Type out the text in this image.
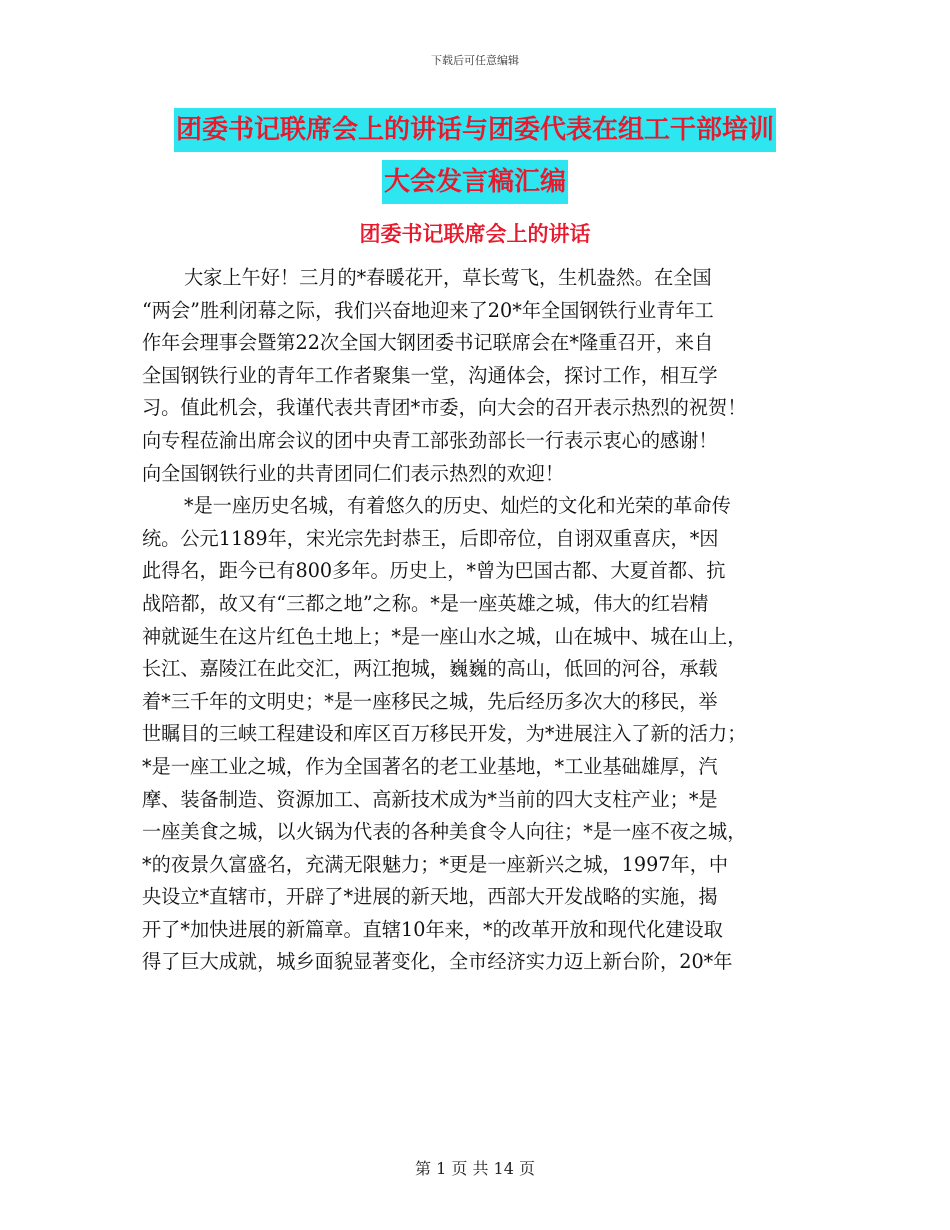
下载后可任意编辑
团委书记联席会上的讲话与团委代表在组工干部培训
大会发言稿汇编
团委书记联席会上的讲话
大家上午好！三月的*春暖花开，草长莺飞，生机盎然。在全国
“两会”胜利闭幕之际，我们兴奋地迎来了20*年全国钢铁行业青年工
作年会理事会暨第22次全国大钢团委书记联席会在*隆重召开，来自
全国钢铁行业的青年工作者聚集一堂，沟通体会，探讨工作，相互学
习。值此机会，我谨代表共青团*市委，向大会的召开表示热烈的祝贺！
向专程莅渝出席会议的团中央青工部张劲部长一行表示衷心的感谢！
向全国钢铁行业的共青团同仁们表示热烈的欢迎！
*是一座历史名城，有着悠久的历史、灿烂的文化和光荣的革命传
统。公元1189年，宋光宗先封恭王，后即帝位，自诩双重喜庆，*因
此得名，距今已有800多年。历史上，*曾为巴国古都、大夏首都、抗
战陪都，故又有“三都之地”之称。*是一座英雄之城，伟大的红岩精
神就诞生在这片红色土地上；*是一座山水之城，山在城中、城在山上，
长江、嘉陵江在此交汇，两江抱城，巍巍的高山，低回的河谷，承载
着*三千年的文明史；*是一座移民之城，先后经历多次大的移民，举
世瞩目的三峡工程建设和库区百万移民开发，为*进展注入了新的活力；
*是一座工业之城，作为全国著名的老工业基地，*工业基础雄厚，汽
摩、装备制造、资源加工、高新技术成为*当前的四大支柱产业；*是
一座美食之城，以火锅为代表的各种美食令人向往；*是一座不夜之城，
*的夜景久富盛名，充满无限魅力；*更是一座新兴之城，1997年，中
央设立*直辖市，开辟了*进展的新天地，西部大开发战略的实施，揭
开了*加快进展的新篇章。直辖10年来，*的改革开放和现代化建设取
得了巨大成就，城乡面貌显著变化，全市经济实力迈上新台阶，20*年
第 1 页 共 14 页
